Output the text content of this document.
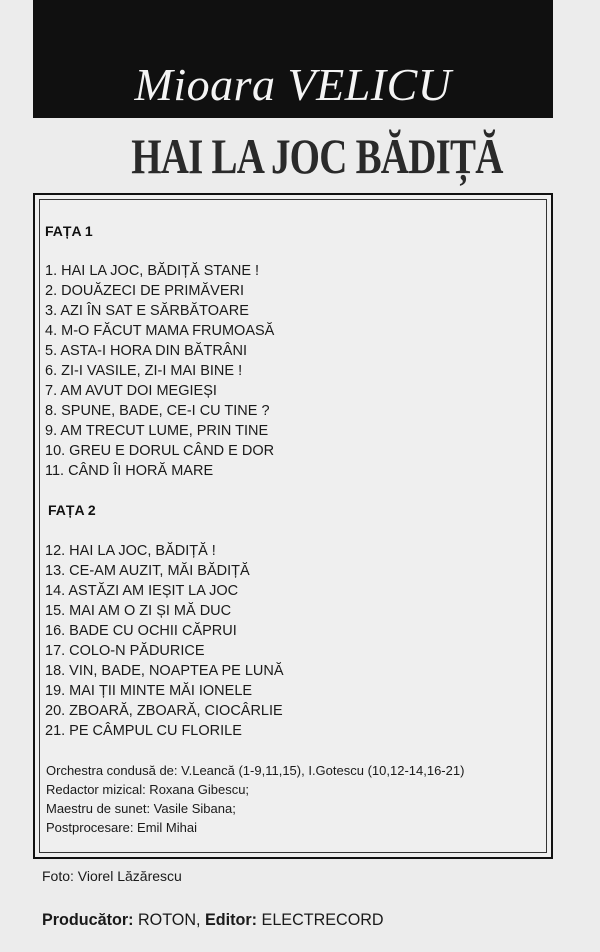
Mioara VELICU
HAI LA JOC BĂDIȚĂ
FAȚA 1
1. HAI LA JOC, BĂDIȚĂ STANE !
2. DOUĂZECI DE PRIMĂVERI
3. AZI ÎN SAT E SĂRBĂTOARE
4. M-O FĂCUT MAMA FRUMOASĂ
5. ASTA-I HORA DIN BĂTRÂNI
6. ZI-I VASILE, ZI-I MAI BINE !
7. AM AVUT DOI MEGIEȘI
8. SPUNE, BADE, CE-I CU TINE ?
9. AM TRECUT LUME, PRIN TINE
10. GREU E DORUL CÂND E DOR
11. CÂND ÎI HORĂ MARE
FAȚA 2
12. HAI LA JOC, BĂDIȚĂ !
13. CE-AM AUZIT, MĂI BĂDIȚĂ
14. ASTĂZI AM IEȘIT LA JOC
15. MAI AM O ZI ȘI MĂ DUC
16. BADE CU OCHII CĂPRUI
17. COLO-N PĂDURICE
18. VIN, BADE, NOAPTEA PE LUNĂ
19. MAI ȚII MINTE MĂI IONELE
20. ZBOARĂ, ZBOARĂ, CIOCÂRLIE
21. PE CÂMPUL CU FLORILE
Orchestra condusă de: V.Leancă (1-9,11,15), I.Gotescu (10,12-14,16-21)
Redactor mizical: Roxana Gibescu;
Maestru de sunet: Vasile Sibana;
Postprocesare: Emil Mihai
Foto: Viorel Lăzărescu
Producător: ROTON, Editor: ELECTRECORD
